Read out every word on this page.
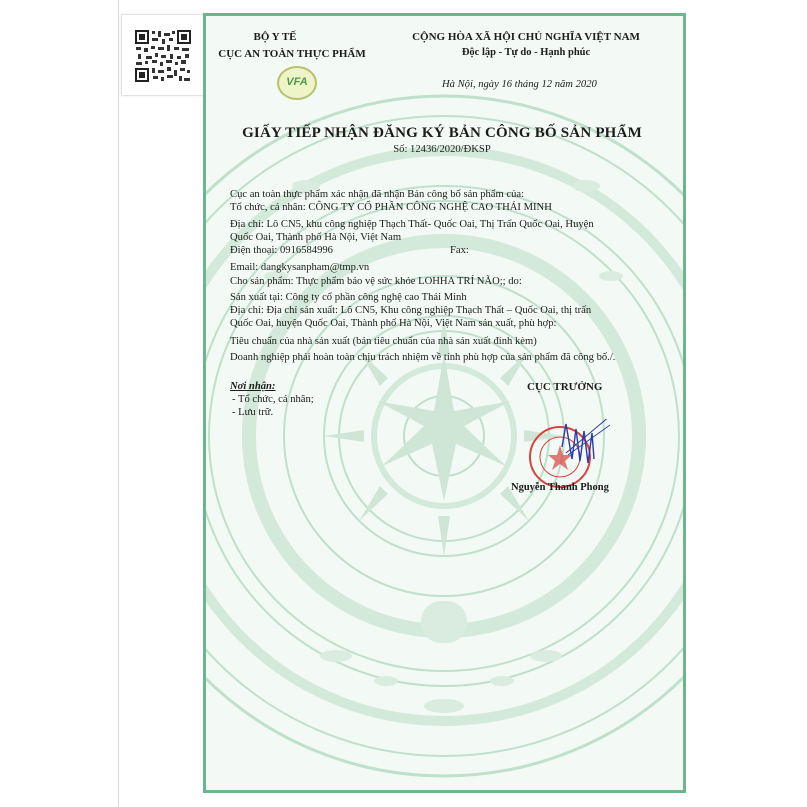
BỘ Y TẾ
CỤC AN TOÀN THỰC PHẨM
VFA
CỘNG HÒA XÃ HỘI CHỦ NGHĨA VIỆT NAM
Độc lập - Tự do - Hạnh phúc
Hà Nội, ngày 16 tháng 12 năm 2020
GIẤY TIẾP NHẬN ĐĂNG KÝ BẢN CÔNG BỐ SẢN PHẨM
Số: 12436/2020/ĐKSP
Cục an toàn thực phẩm xác nhận đã nhận Bản công bố sản phẩm của:
Tổ chức, cá nhân: CÔNG TY CỔ PHẦN CÔNG NGHỆ CAO THÁI MINH
Địa chỉ: Lô CN5, khu công nghiệp Thạch Thất- Quốc Oai, Thị Trấn Quốc Oai, Huyện
Quốc Oai, Thành phố Hà Nội, Việt Nam
Điện thoại: 0916584996	Fax:
Email: dangkysanpham@tmp.vn
Cho sản phẩm: Thực phẩm bảo vệ sức khỏe LOHHA TRÍ NÃO;; do:
Sản xuất tại: Công ty cổ phần công nghệ cao Thái Minh
Địa chỉ: Địa chỉ sản xuất: Lô CN5, Khu công nghiệp Thạch Thất – Quốc Oai, thị trấn
Quốc Oai, huyện Quốc Oai, Thành phố Hà Nội, Việt Nam sản xuất, phù hợp:
Tiêu chuẩn của nhà sản xuất (bản tiêu chuẩn của nhà sản xuất đính kèm)
Doanh nghiệp phải hoàn toàn chịu trách nhiệm về tính phù hợp của sản phẩm đã công bố./.
Nơi nhận:
- Tổ chức, cá nhân;
- Lưu trữ.
CỤC TRƯỞNG
Nguyễn Thanh Phong
